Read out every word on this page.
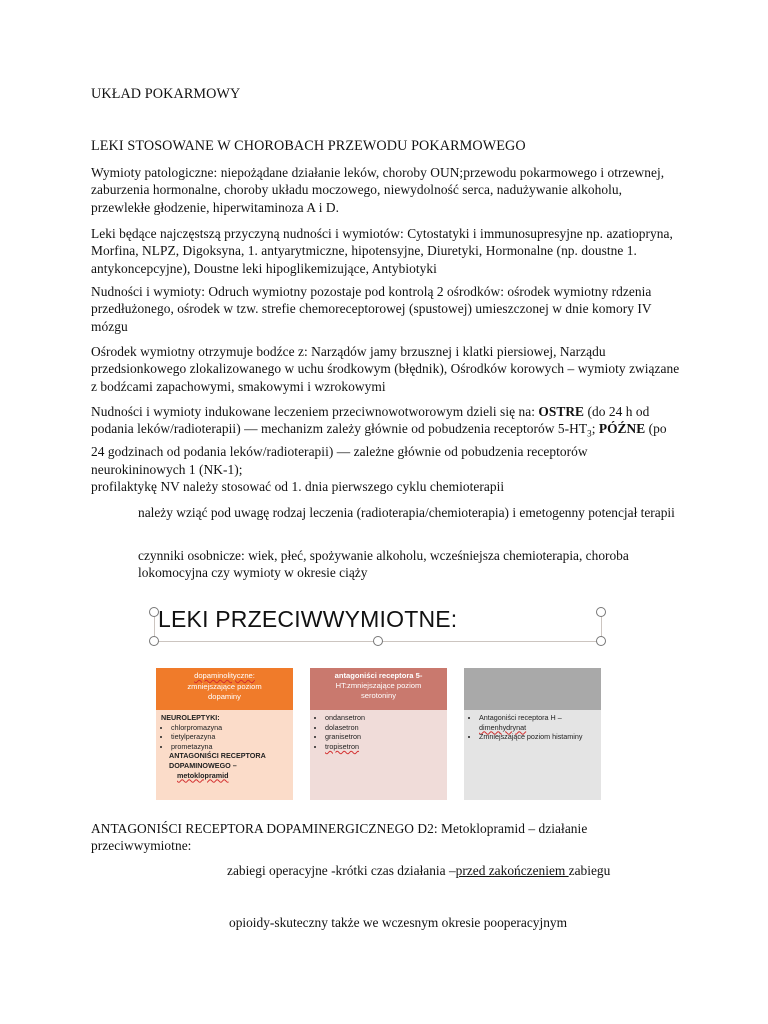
UKŁAD POKARMOWY
LEKI STOSOWANE W CHOROBACH PRZEWODU POKARMOWEGO
Wymioty patologiczne: niepożądane działanie leków, choroby OUN;przewodu pokarmowego i otrzewnej, zaburzenia hormonalne, choroby układu moczowego, niewydolność serca, nadużywanie alkoholu, przewlekłe głodzenie, hiperwitaminoza A i D.
Leki będące najczęstszą przyczyną nudności i wymiotów: Cytostatyki i immunosupresyjne np. azatiopryna, Morfina, NLPZ, Digoksyna, 1. antyarytmiczne, hipotensyjne, Diuretyki, Hormonalne (np. doustne 1. antykoncepcyjne), Doustne leki hipoglikemizujące, Antybiotyki
Nudności i wymioty: Odruch wymiotny pozostaje pod kontrolą 2 ośrodków: ośrodek wymiotny rdzenia przedłużonego, ośrodek w tzw. strefie chemoreceptorowej (spustowej) umieszczonej w dnie komory IV mózgu
Ośrodek wymiotny otrzymuje bodźce z: Narządów jamy brzusznej i klatki piersiowej, Narządu przedsionkowego zlokalizowanego w uchu środkowym (błędnik), Ośrodków korowych – wymioty związane z bodźcami zapachowymi, smakowymi i wzrokowymi
Nudności i wymioty indukowane leczeniem przeciwnowotworowym dzieli się na: OSTRE (do 24 h od podania leków/radioterapii) — mechanizm zależy głównie od pobudzenia receptorów $5-HT_3$; PÓŹNE (po 24 godzinach od podania leków/radioterapii) — zależne głównie od pobudzenia receptorów neurokininowych 1 (NK-1);
profilaktykę NV należy stosować od 1. dnia pierwszego cyklu chemioterapii
należy wziąć pod uwagę rodzaj leczenia (radioterapia/chemioterapia) i emetogenny potencjał terapii
czynniki osobnicze: wiek, płeć, spożywanie alkoholu, wcześniejsza chemioterapia, choroba lokomocyjna czy wymioty w okresie ciąży
LEKI PRZECIWWYMIOTNE:
dopaminolityczne:
zmniejszające poziom dopaminy
NEUROLEPTYKI:
• chlorpromazyna
• tietylperazyna
• prometazyna
ANTAGONIŚCI RECEPTORA DOPAMINOWEGO –
metoklopramid
antagoniści receptora 5-
HT:zmniejszające poziom serotoniny
• ondansetron
• dolasetron
• granisetron
• tropisetron
• Antagoniści receptora H –
dimenhydrynat
• Zmniejszające poziom histaminy
ANTAGONIŚCI RECEPTORA DOPAMINERGICZNEGO D2: Metoklopramid – działanie przeciwwymiotne:
zabiegi operacyjne -krótki czas działania –przed zakończeniem zabiegu
opioidy-skuteczny także we wczesnym okresie pooperacyjnym
